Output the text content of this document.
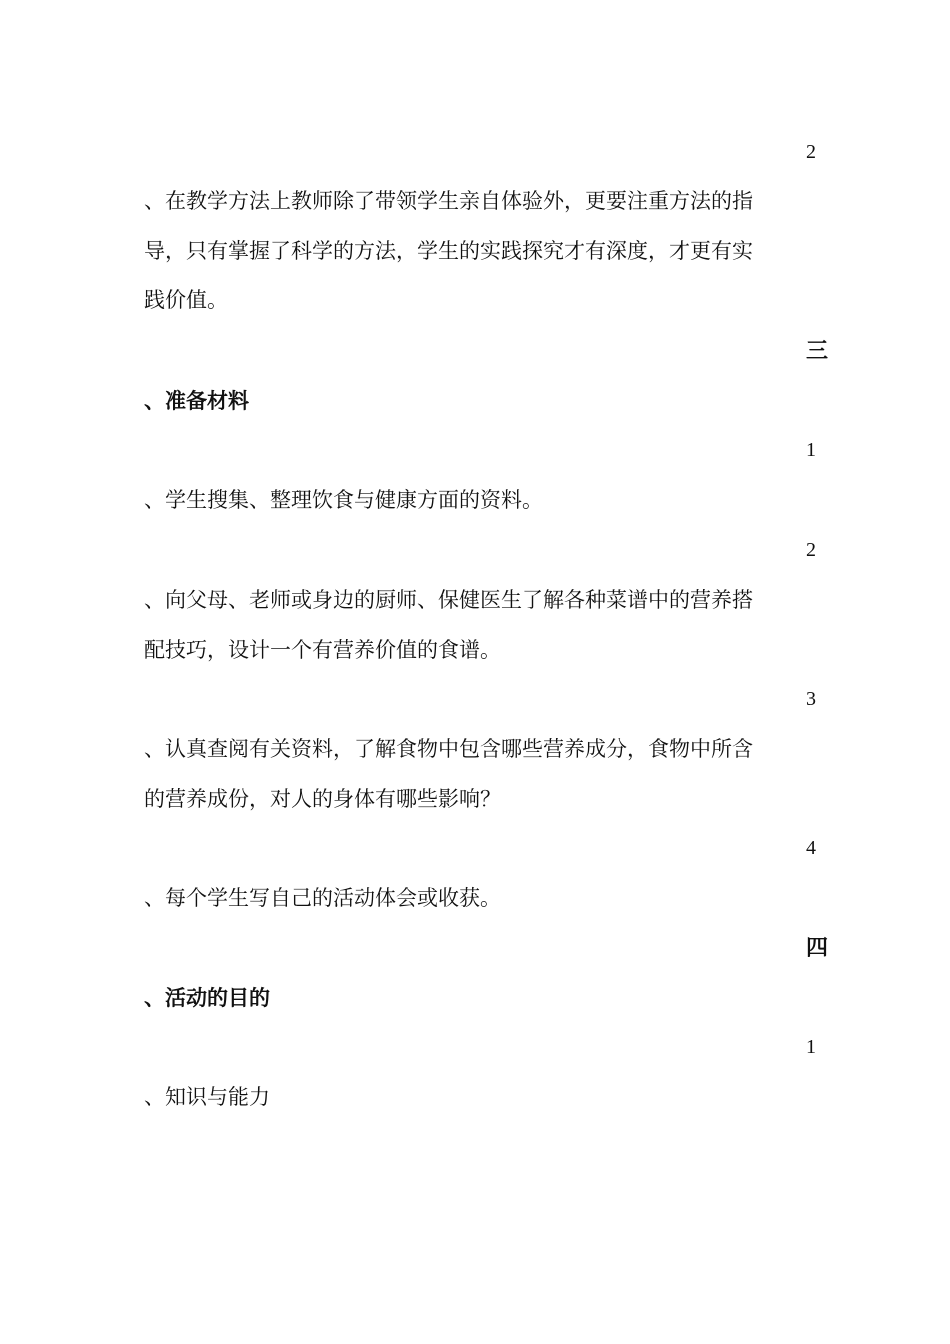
2
、在教学方法上教师除了带领学生亲自体验外，更要注重方法的指
导，只有掌握了科学的方法，学生的实践探究才有深度，才更有实
践价值。
三
、准备材料
1
、学生搜集、整理饮食与健康方面的资料。
2
、向父母、老师或身边的厨师、保健医生了解各种菜谱中的营养搭
配技巧，设计一个有营养价值的食谱。
3
、认真查阅有关资料，了解食物中包含哪些营养成分，食物中所含
的营养成份，对人的身体有哪些影响？
4
、每个学生写自己的活动体会或收获。
四
、活动的目的
1
、知识与能力
